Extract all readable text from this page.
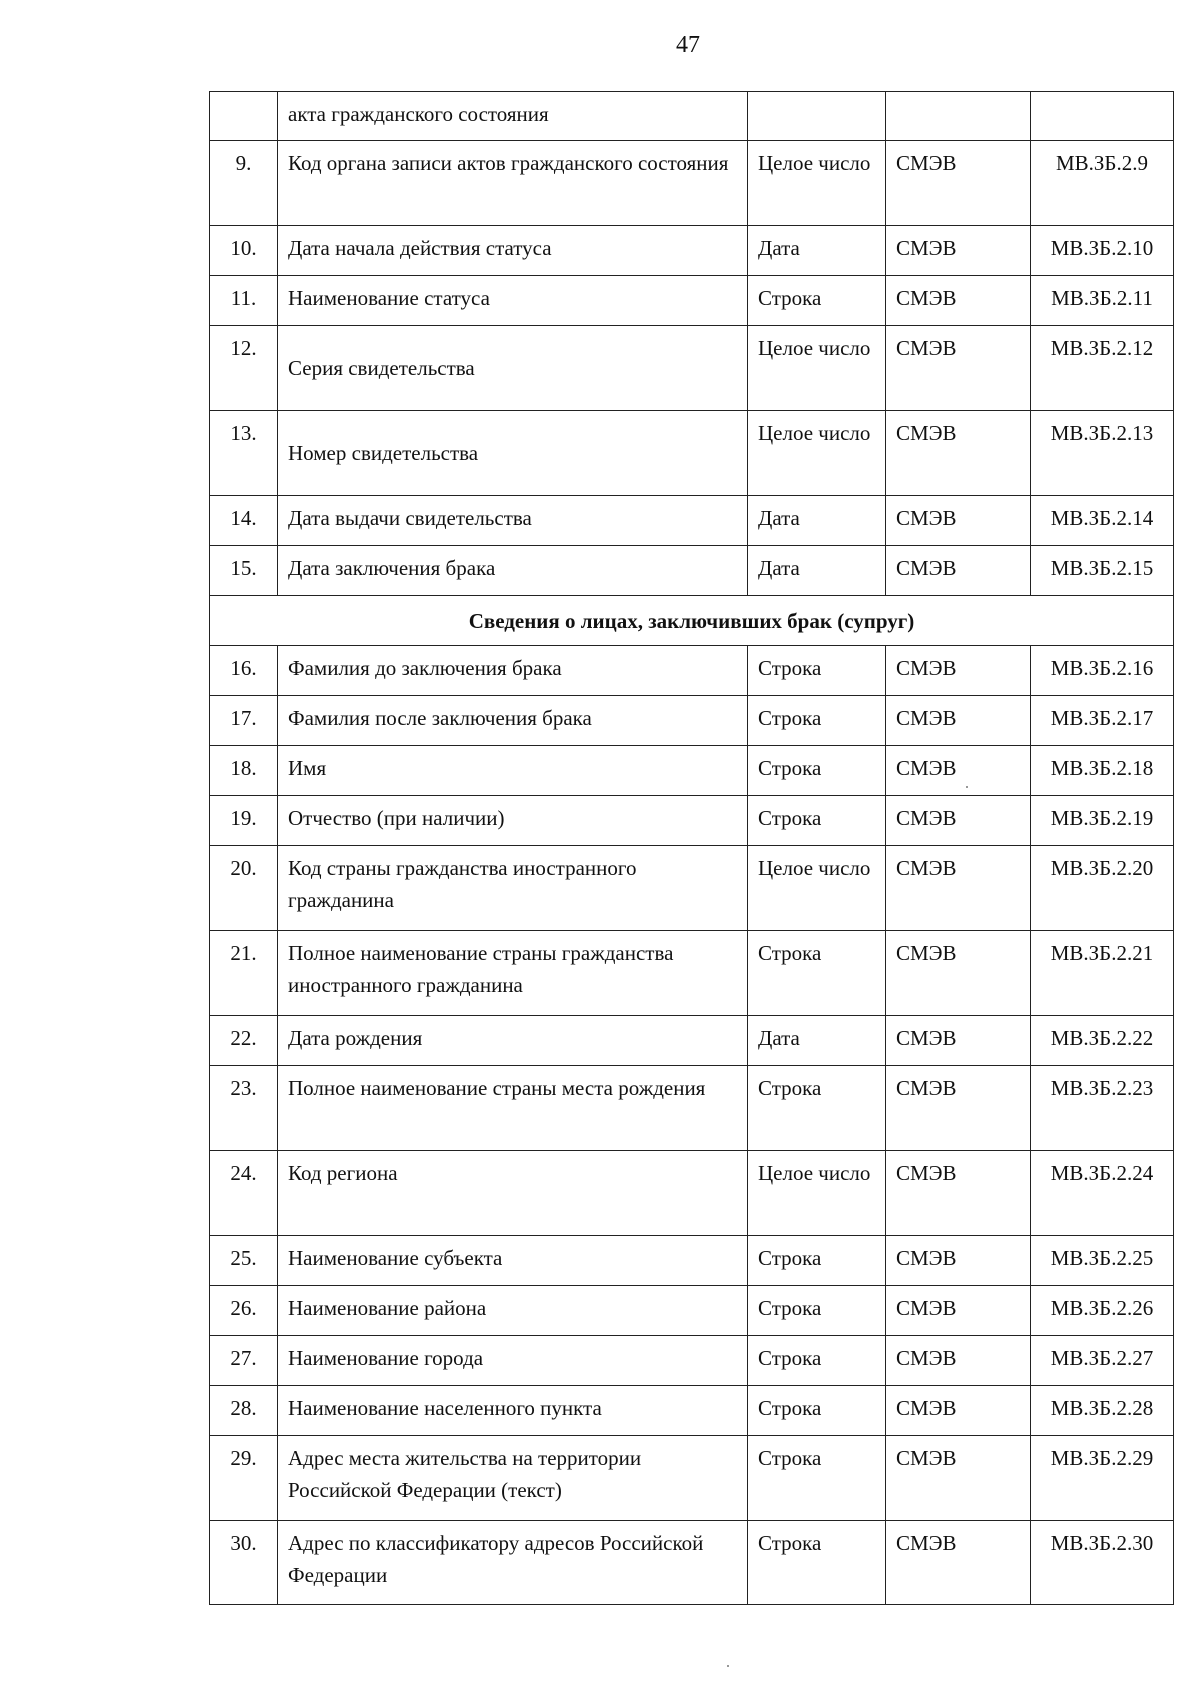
47
	акта гражданского состояния			
9.	Код органа записи актов гражданского состояния	Целое число	СМЭВ	МВ.ЗБ.2.9
10.	Дата начала действия статуса	Дата	СМЭВ	МВ.ЗБ.2.10
11.	Наименование статуса	Строка	СМЭВ	МВ.ЗБ.2.11
12.	Серия свидетельства	Целое число	СМЭВ	МВ.ЗБ.2.12
13.	Номер свидетельства	Целое число	СМЭВ	МВ.ЗБ.2.13
14.	Дата выдачи свидетельства	Дата	СМЭВ	МВ.ЗБ.2.14
15.	Дата заключения брака	Дата	СМЭВ	МВ.ЗБ.2.15
Сведения о лицах, заключивших брак (супруг)				
16.	Фамилия до заключения брака	Строка	СМЭВ	МВ.ЗБ.2.16
17.	Фамилия после заключения брака	Строка	СМЭВ	МВ.ЗБ.2.17
18.	Имя	Строка	СМЭВ	МВ.ЗБ.2.18
19.	Отчество (при наличии)	Строка	СМЭВ	МВ.ЗБ.2.19
20.	Код страны гражданства иностранного гражданина	Целое число	СМЭВ	МВ.ЗБ.2.20
21.	Полное наименование страны гражданства иностранного гражданина	Строка	СМЭВ	МВ.ЗБ.2.21
22.	Дата рождения	Дата	СМЭВ	МВ.ЗБ.2.22
23.	Полное наименование страны места рождения	Строка	СМЭВ	МВ.ЗБ.2.23
24.	Код региона	Целое число	СМЭВ	МВ.ЗБ.2.24
25.	Наименование субъекта	Строка	СМЭВ	МВ.ЗБ.2.25
26.	Наименование района	Строка	СМЭВ	МВ.ЗБ.2.26
27.	Наименование города	Строка	СМЭВ	МВ.ЗБ.2.27
28.	Наименование населенного пункта	Строка	СМЭВ	МВ.ЗБ.2.28
29.	Адрес места жительства на территории Российской Федерации (текст)	Строка	СМЭВ	МВ.ЗБ.2.29
30.	Адрес по классификатору адресов Российской Федерации	Строка	СМЭВ	МВ.ЗБ.2.30
